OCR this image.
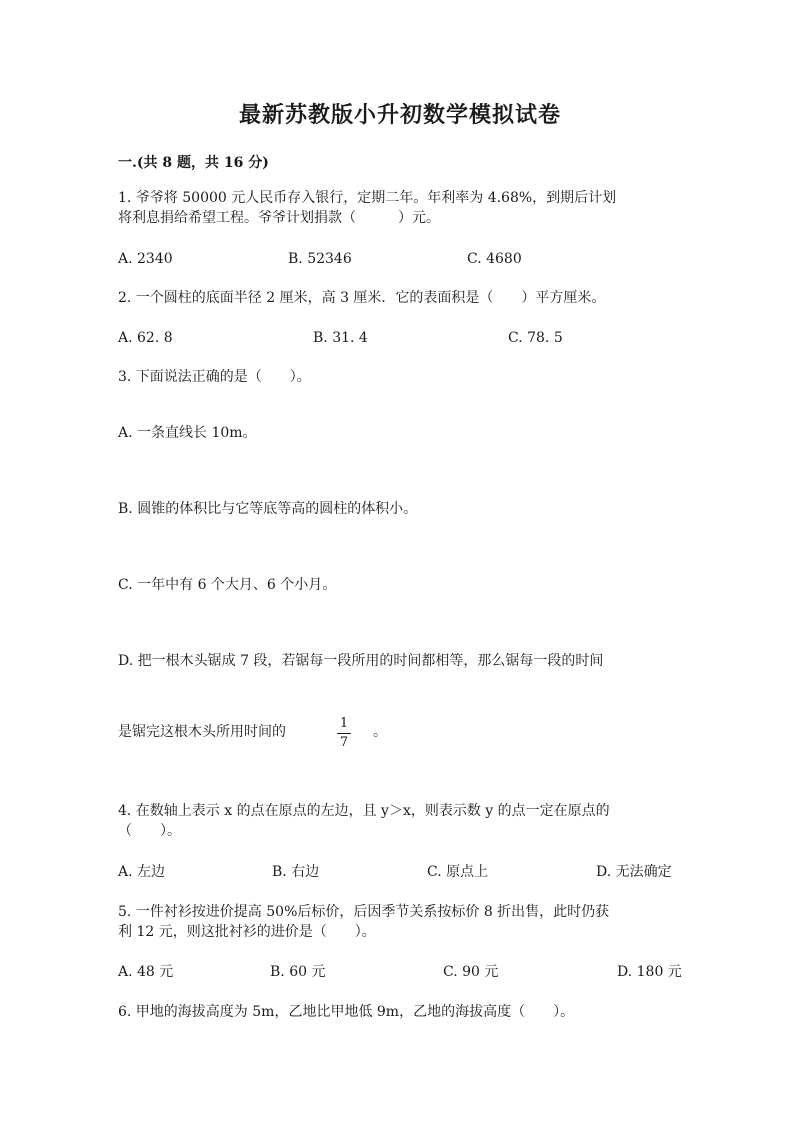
最新苏教版小升初数学模拟试卷
一.(共 8 题，共 16 分)
1. 爷爷将 50000 元人民币存入银行，定期二年。年利率为 4.68%，到期后计划
将利息捐给希望工程。爷爷计划捐款（　　　）元。
A. 2340	B. 52346	C. 4680
2. 一个圆柱的底面半径 2 厘米，高 3 厘米．它的表面积是（　　）平方厘米。
A. 62. 8	B. 31. 4	C. 78. 5
3. 下面说法正确的是（　　）。
A. 一条直线长 10m。
B. 圆锥的体积比与它等底等高的圆柱的体积小。
C. 一年中有 6 个大月、6 个小月。
D. 把一根木头锯成 7 段，若锯每一段所用的时间都相等，那么锯每一段的时间
是锯完这根木头所用时间的
1
7
。
4. 在数轴上表示 x 的点在原点的左边，且 y＞x，则表示数 y 的点一定在原点的
（　　）。
A. 左边	B. 右边	C. 原点上	D. 无法确定
5. 一件衬衫按进价提高 50%后标价，后因季节关系按标价 8 折出售，此时仍获
利 12 元，则这批衬衫的进价是（　　）。
A. 48 元	B. 60 元	C. 90 元	D. 180 元
6. 甲地的海拔高度为 5m，乙地比甲地低 9m，乙地的海拔高度（　　）。
